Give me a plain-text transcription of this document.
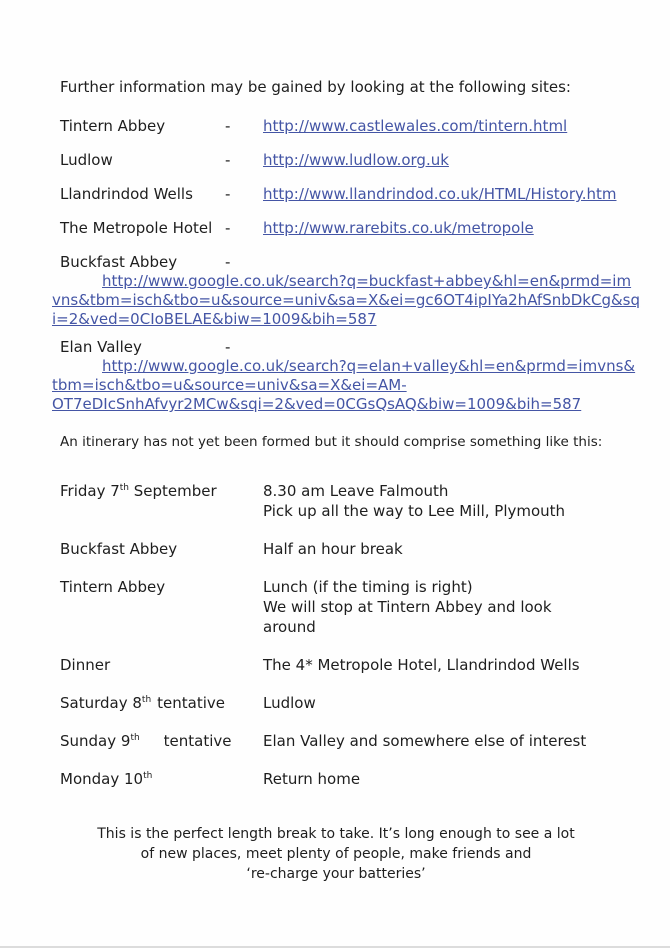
Further information may be gained by looking at the following sites:

Tintern Abbey	-	http://www.castlewales.com/tintern.html
Ludlow	-	http://www.ludlow.org.uk
Llandrindod Wells	-	http://www.llandrindod.co.uk/HTML/History.htm
The Metropole Hotel -	http://www.rarebits.co.uk/metropole
Buckfast Abbey	-

http://www.google.co.uk/search?q=buckfast+abbey&hl=en&prmd=im
vns&tbm=isch&tbo=u&source=univ&sa=X&ei=gc6OT4ipIYa2hAfSnbDkCg&sq
i=2&ved=0CIoBELAE&biw=1009&bih=587

Elan Valley	-

http://www.google.co.uk/search?q=elan+valley&hl=en&prmd=imvns&
tbm=isch&tbo=u&source=univ&sa=X&ei=AM-
OT7eDIcSnhAfvyr2MCw&sqi=2&ved=0CGsQsAQ&biw=1009&bih=587

An itinerary has not yet been formed but it should comprise something like this:

Friday 7th September	8.30 am Leave Falmouth
Pick up all the way to Lee Mill, Plymouth
Buckfast Abbey	Half an hour break
Tintern Abbey	Lunch (if the timing is right)
We will stop at Tintern Abbey and look
around
Dinner	The 4* Metropole Hotel, Llandrindod Wells
Saturday 8th tentative	Ludlow
Sunday 9th tentative	Elan Valley and somewhere else of interest
Monday 10th	Return home
This is the perfect length break to take. It’s long enough to see a lot
of new places, meet plenty of people, make friends and
‘re-charge your batteries’
